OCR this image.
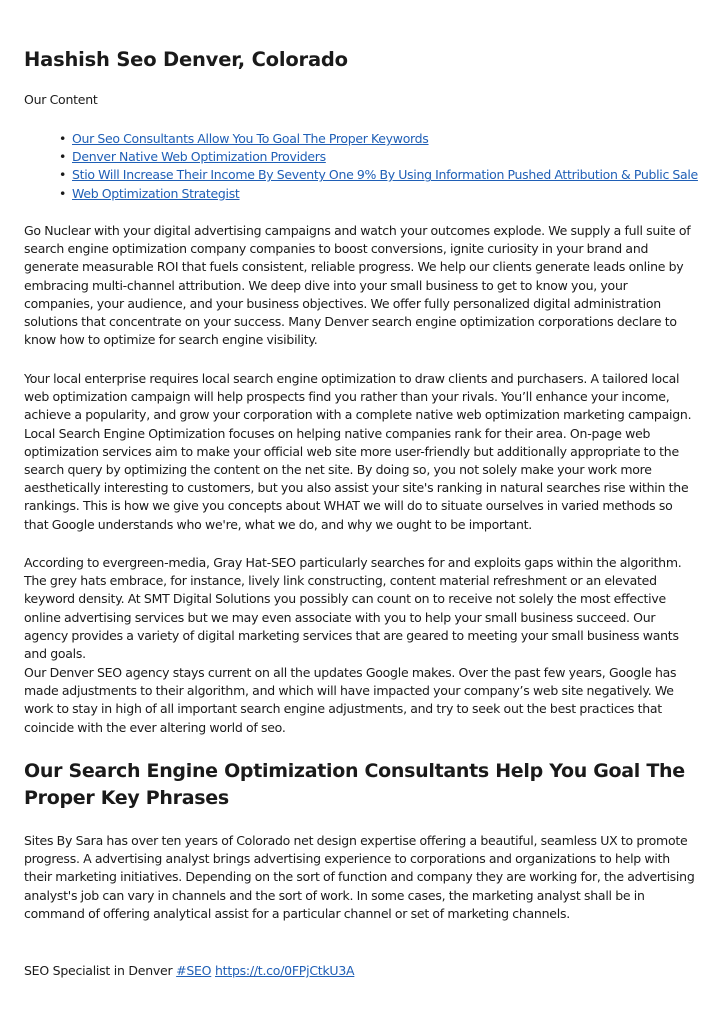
Hashish Seo Denver, Colorado

Our Content

• Our Seo Consultants Allow You To Goal The Proper Keywords
• Denver Native Web Optimization Providers
• Stio Will Increase Their Income By Seventy One 9% By Using Information Pushed Attribution & Public Sale
• Web Optimization Strategist

Go Nuclear with your digital advertising campaigns and watch your outcomes explode. We supply a full suite of search engine optimization company companies to boost conversions, ignite curiosity in your brand and generate measurable ROI that fuels consistent, reliable progress. We help our clients generate leads online by embracing multi-channel attribution. We deep dive into your small business to get to know you, your companies, your audience, and your business objectives. We offer fully personalized digital administration solutions that concentrate on your success. Many Denver search engine optimization corporations declare to know how to optimize for search engine visibility.

Your local enterprise requires local search engine optimization to draw clients and purchasers. A tailored local web optimization campaign will help prospects find you rather than your rivals. You’ll enhance your income, achieve a popularity, and grow your corporation with a complete native web optimization marketing campaign. Local Search Engine Optimization focuses on helping native companies rank for their area. On-page web optimization services aim to make your official web site more user-friendly but additionally appropriate to the search query by optimizing the content on the net site. By doing so, you not solely make your work more aesthetically interesting to customers, but you also assist your site's ranking in natural searches rise within the rankings. This is how we give you concepts about WHAT we will do to situate ourselves in varied methods so that Google understands who we're, what we do, and why we ought to be important.

According to evergreen-media, Gray Hat-SEO particularly searches for and exploits gaps within the algorithm. The grey hats embrace, for instance, lively link constructing, content material refreshment or an elevated keyword density. At SMT Digital Solutions you possibly can count on to receive not solely the most effective online advertising services but we may even associate with you to help your small business succeed. Our agency provides a variety of digital marketing services that are geared to meeting your small business wants and goals.

Our Denver SEO agency stays current on all the updates Google makes. Over the past few years, Google has made adjustments to their algorithm, and which will have impacted your company’s web site negatively. We work to stay in high of all important search engine adjustments, and try to seek out the best practices that coincide with the ever altering world of seo.

Our Search Engine Optimization Consultants Help You Goal The Proper Key Phrases

Sites By Sara has over ten years of Colorado net design expertise offering a beautiful, seamless UX to promote progress. A advertising analyst brings advertising experience to corporations and organizations to help with their marketing initiatives. Depending on the sort of function and company they are working for, the advertising analyst's job can vary in channels and the sort of work. In some cases, the marketing analyst shall be in command of offering analytical assist for a particular channel or set of marketing channels.

SEO Specialist in Denver #SEO https://t.co/0FPjCtkU3A
